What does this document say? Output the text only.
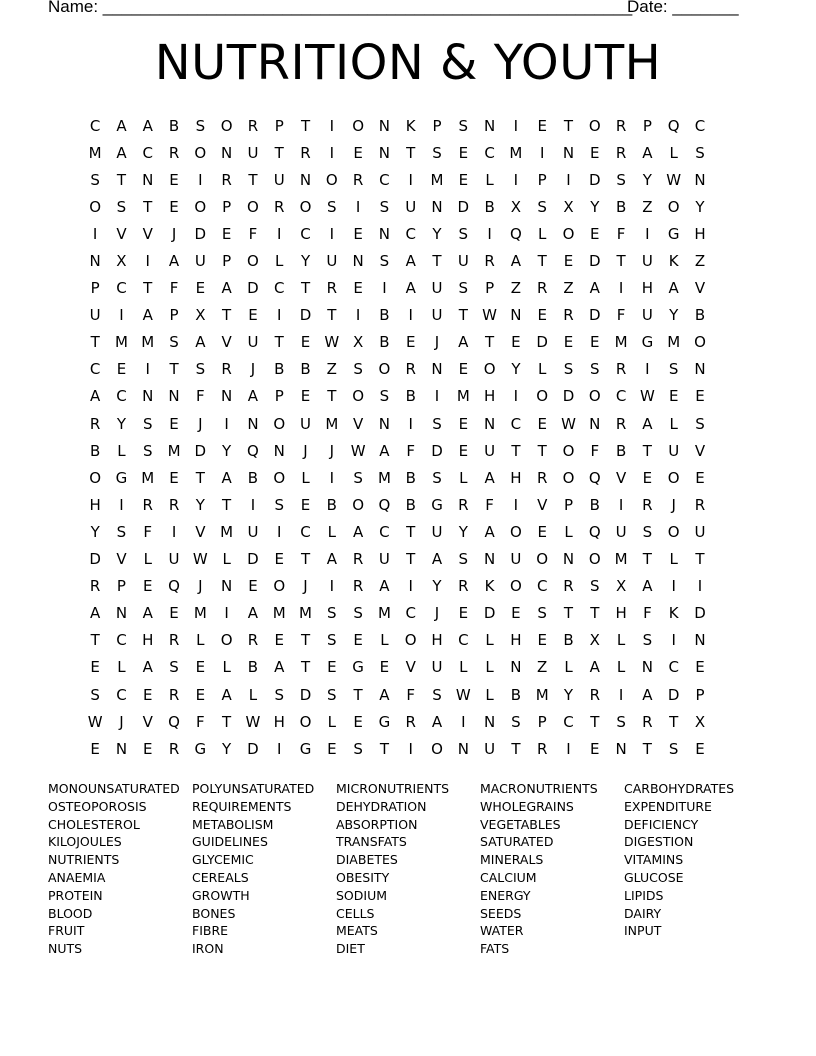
Name: ________________________________________________________
Date: _______
NUTRITION & YOUTH
C	A	A	B	S	O	R	P	T	I	O N	K	P	S	N	I	E	T	O	R	P	Q	C
M A	C	R	O N	U	T	R	I	E	N	T	S	E	C M	I	N	E	R	A	L	S
S	T	N	E	I	R	T	U	N O	R	C	I	M	E	L	I	P	I	D	S	Y W N
O	S	T	E	O	P	O	R	O	S	I	S	U	N D	B	X	S	X	Y	B	Z	O	Y
I	V	V	J	D	E	F	I	C	I	E	N	C	Y	S	I	Q	L	O	E	F	I	G H
N	X	I	A	U	P	O	L	Y	U	N	S	A	T	U	R	A	T	E	D	T	U	K	Z
P	C	T	F	E	A	D	C	T	R	E	I	A	U	S	P	Z	R	Z	A	I	H	A	V
U	I	A	P	X	T	E	I	D	T	I	B	I	U	T W N	E	R	D	F	U	Y	B
T	M M	S	A	V	U	T	E W X	B	E	J	A	T	E	D	E	E	M G M O
C	E	I	T	S	R	J	B	B	Z	S	O	R	N	E	O	Y	L	S	S	R	I	S	N
A	C	N	N	F	N	A	P	E	T	O	S	B	I	M H	I	O D O	C W E	E
R	Y	S	E	J	I	N O U M V	N	I	S	E	N	C	E W N	R	A	L	S
B	L	S	M D	Y	Q N	J	J	W A	F	D	E	U	T	T	O	F	B	T	U	V
O G M	E	T	A	B	O	L	I	S	M B	S	L	A	H	R	O Q	V	E	O	E
H	I	R	R	Y	T	I	S	E	B	O Q	B	G	R	F	I	V	P	B	I	R	J	R
Y	S	F	I	V M U	I	C	L	A	C	T	U	Y	A	O	E	L	Q U	S	O U
D	V	L	U W L	D	E	T	A	R	U	T	A	S	N	U O N O M	T	L	T
R	P	E	Q	J	N	E	O	J	I	R	A	I	Y	R	K	O	C	R	S	X	A	I	I
A	N	A	E	M	I	A M M	S	S	M C	J	E	D	E	S	T	T	H	F	K	D
T	C	H	R	L	O	R	E	T	S	E	L	O H	C	L	H	E	B	X	L	S	I	N
E	L	A	S	E	L	B	A	T	E	G	E	V	U	L	L	N	Z	L	A	L	N	C	E
S	C	E	R	E	A	L	S	D	S	T	A	F	S W L	B M	Y	R	I	A	D	P
W	J	V	Q	F	T W H O	L	E	G	R	A	I	N	S	P	C	T	S	R	T	X
E	N	E	R	G	Y	D	I	G	E	S	T	I	O N	U	T	R	I	E	N	T	S	E
MONOUNSATURATED POLYUNSATURATED	MICRONUTRIENTS	MACRONUTRIENTS	CARBOHYDRATES
OSTEOPOROSIS	REQUIREMENTS	DEHYDRATION	WHOLEGRAINS	EXPENDITURE
CHOLESTEROL	METABOLISM	ABSORPTION	VEGETABLES	DEFICIENCY
KILOJOULES	GUIDELINES	TRANSFATS	SATURATED	DIGESTION
NUTRIENTS	GLYCEMIC	DIABETES	MINERALS	VITAMINS
ANAEMIA	CEREALS	OBESITY	CALCIUM	GLUCOSE
PROTEIN	GROWTH	SODIUM	ENERGY	LIPIDS
BLOOD	BONES	CELLS	SEEDS	DAIRY
FRUIT	FIBRE	MEATS	WATER	INPUT
NUTS	IRON	DIET	FATS
